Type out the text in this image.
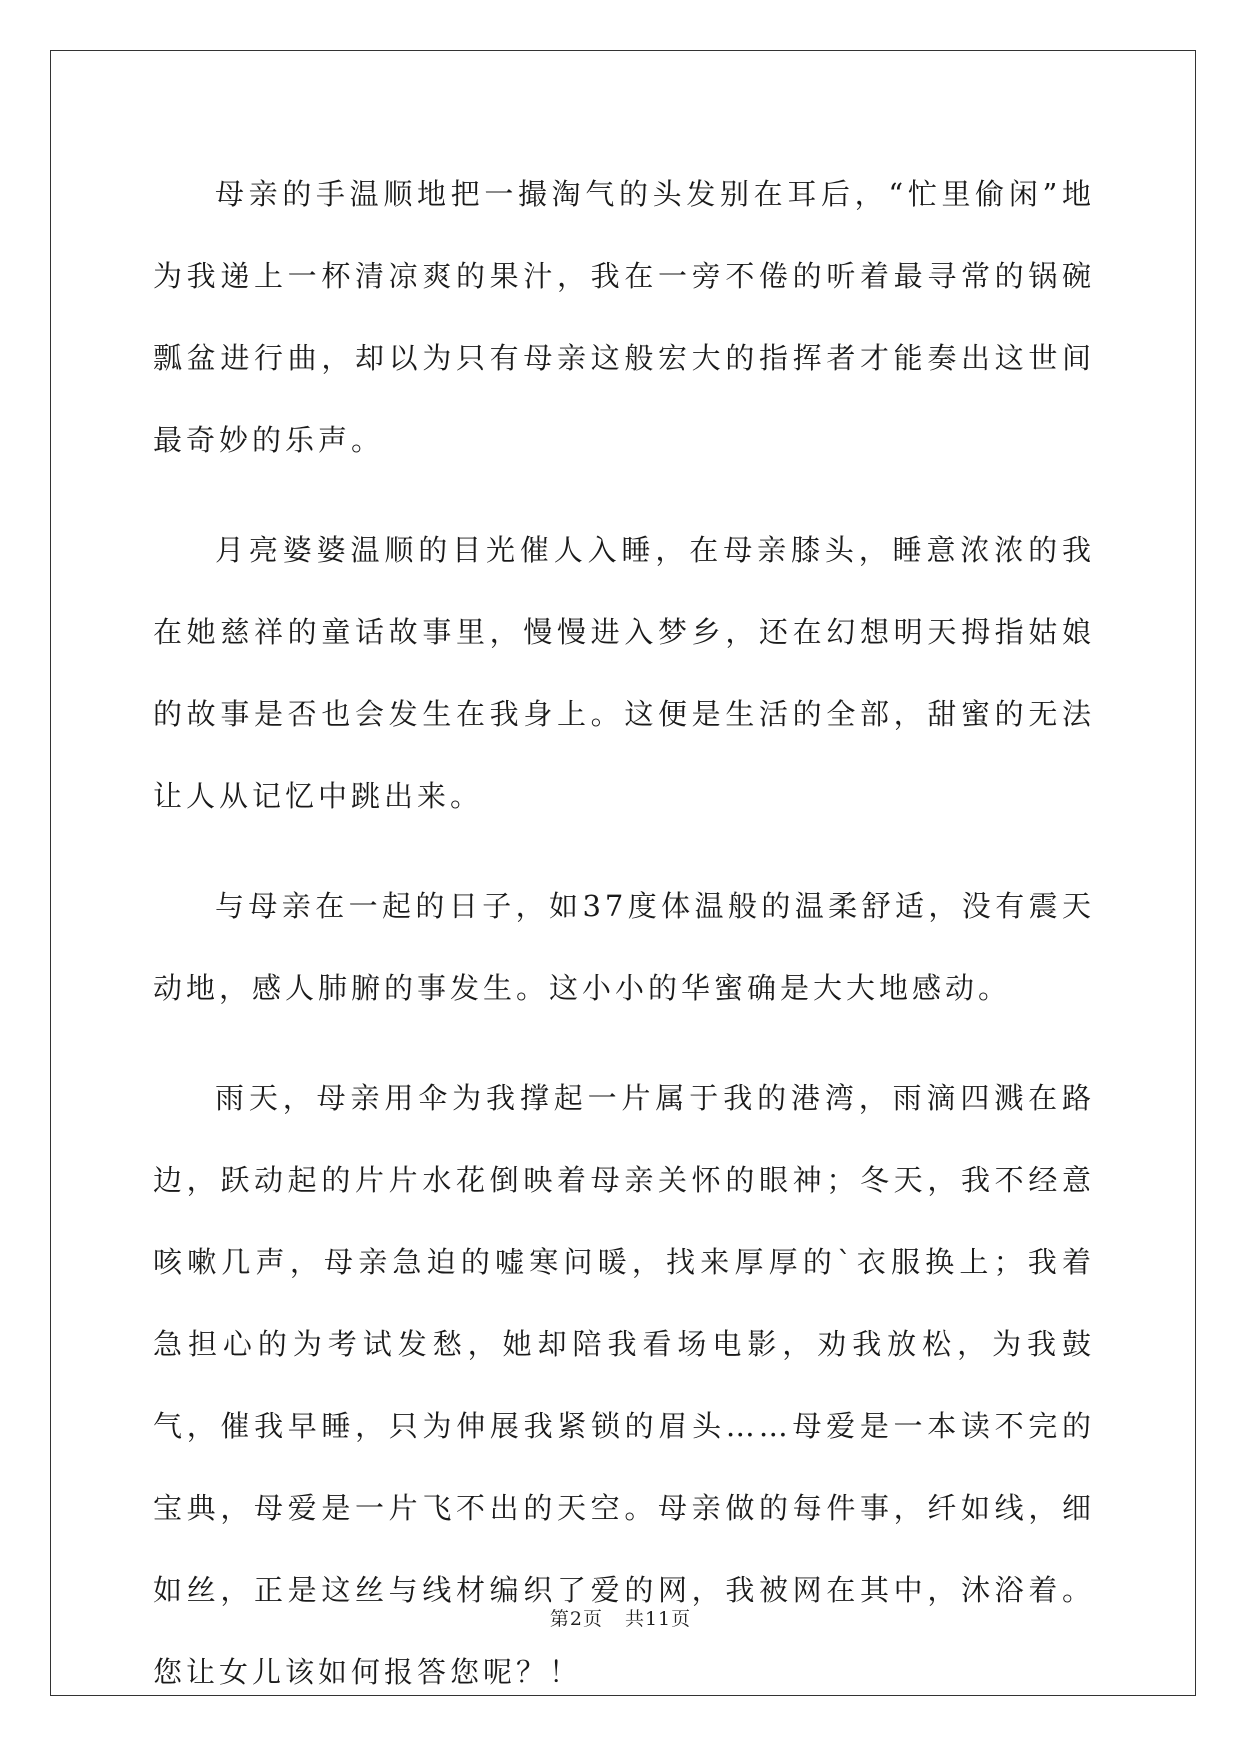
母亲的手温顺地把一撮淘气的头发别在耳后，“忙里偷闲”地为我递上一杯清凉爽的果汁，我在一旁不倦的听着最寻常的锅碗瓢盆进行曲，却以为只有母亲这般宏大的指挥者才能奏出这世间最奇妙的乐声。

月亮婆婆温顺的目光催人入睡，在母亲膝头，睡意浓浓的我在她慈祥的童话故事里，慢慢进入梦乡，还在幻想明天拇指姑娘的故事是否也会发生在我身上。这便是生活的全部，甜蜜的无法让人从记忆中跳出来。

与母亲在一起的日子，如37度体温般的温柔舒适，没有震天动地，感人肺腑的事发生。这小小的华蜜确是大大地感动。

雨天，母亲用伞为我撑起一片属于我的港湾，雨滴四溅在路边，跃动起的片片水花倒映着母亲关怀的眼神；冬天，我不经意咳嗽几声，母亲急迫的嘘寒问暖，找来厚厚的`衣服换上；我着急担心的为考试发愁，她却陪我看场电影，劝我放松，为我鼓气，催我早睡，只为伸展我紧锁的眉头……母爱是一本读不完的宝典，母爱是一片飞不出的天空。母亲做的每件事，纤如线，细如丝，正是这丝与线材编织了爱的网，我被网在其中，沐浴着。您让女儿该如何报答您呢？！

第2页 共11页
